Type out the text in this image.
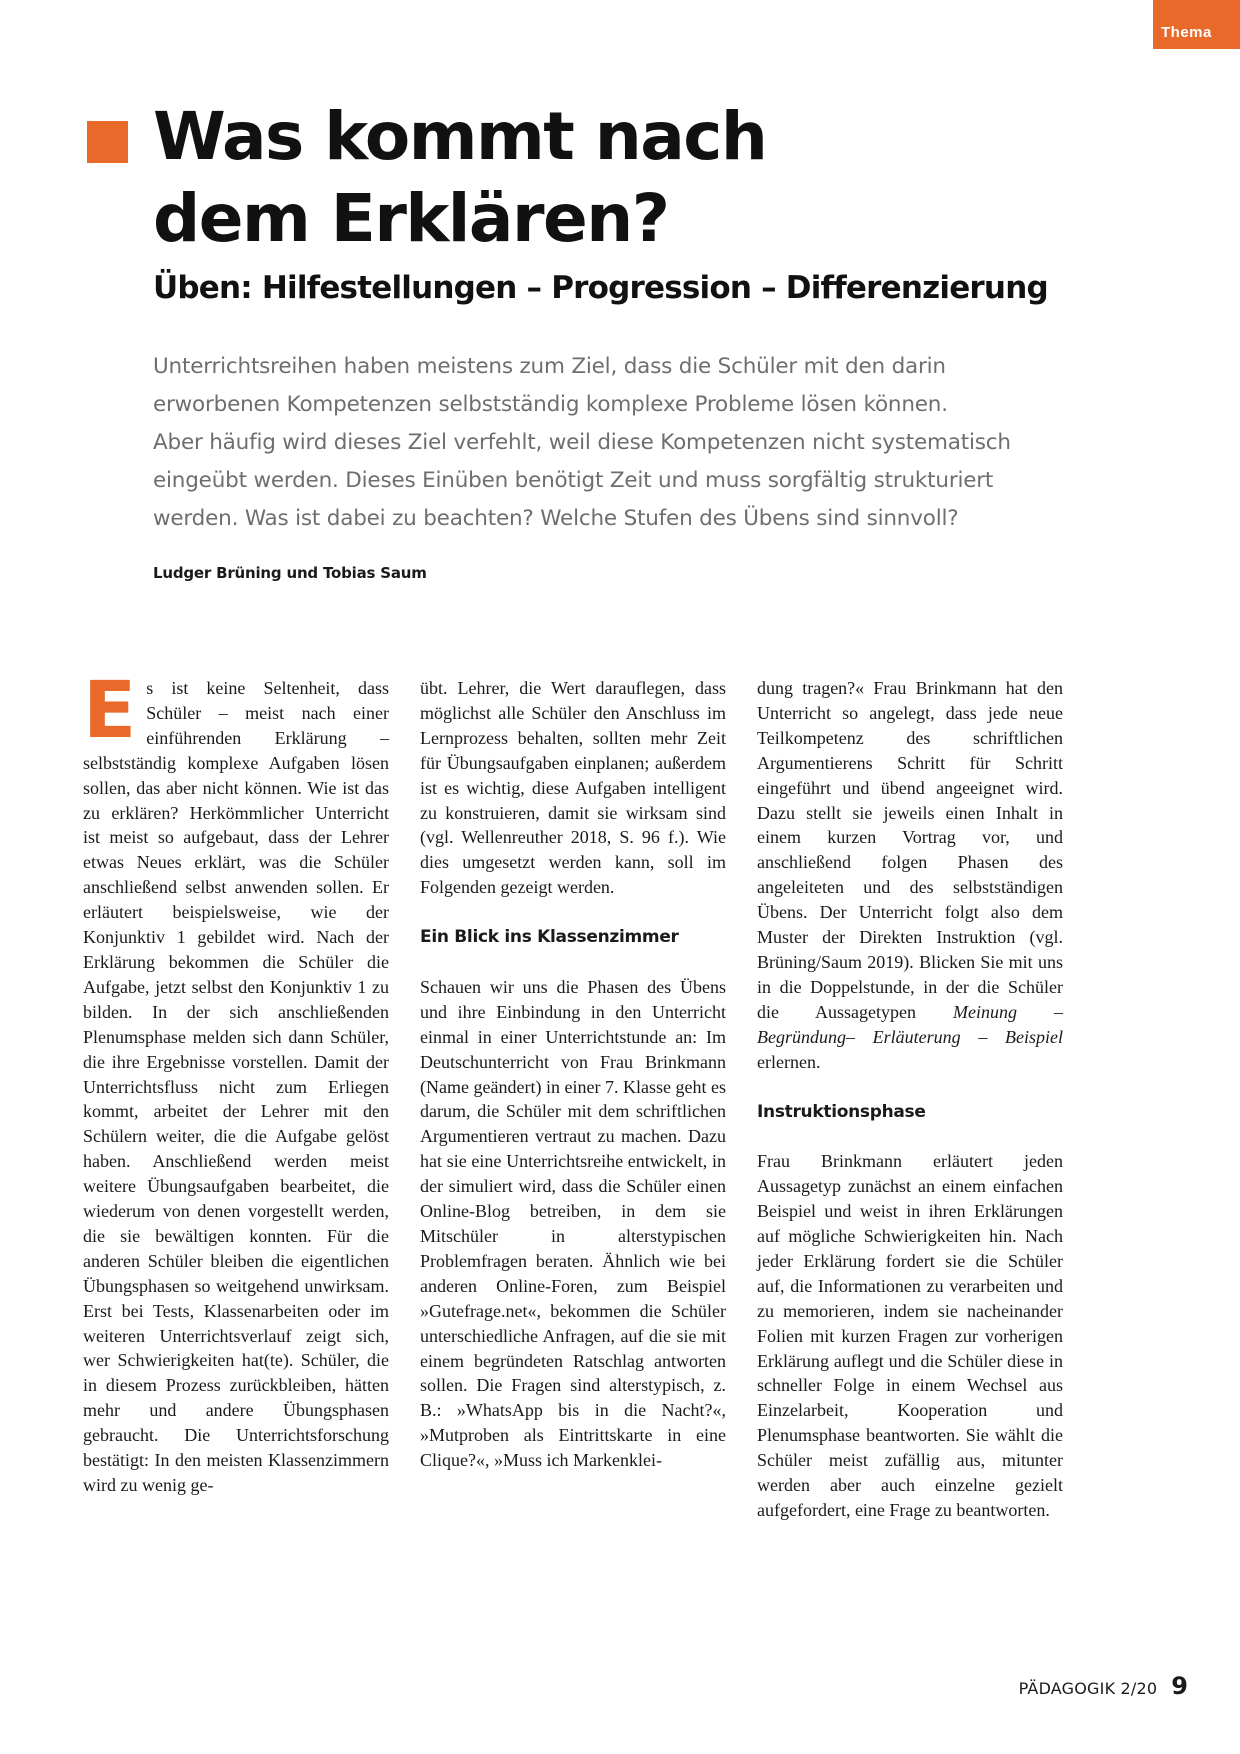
Thema
Was kommt nach
dem Erklären?
Üben: Hilfestellungen – Progression – Differenzierung

Unterrichtsreihen haben meistens zum Ziel, dass die Schüler mit den darin
erworbenen Kompetenzen selbstständig komplexe Probleme lösen können.
Aber häufig wird dieses Ziel verfehlt, weil diese Kompetenzen nicht systematisch
eingeübt werden. Dieses Einüben benötigt Zeit und muss sorgfältig strukturiert
werden. Was ist dabei zu beachten? Welche Stufen des Übens sind sinnvoll?

Ludger Brüning und Tobias Saum

Es ist keine Seltenheit, dass Schüler – meist nach einer einführenden Erklärung – selbstständig komplexe Aufgaben lösen sollen, das aber nicht können. Wie ist das zu erklären? Herkömmlicher Unterricht ist meist so aufgebaut, dass der Lehrer etwas Neues erklärt, was die Schüler anschließend selbst anwenden sollen. Er erläutert beispielsweise, wie der Konjunktiv 1 gebildet wird. Nach der Erklärung bekommen die Schüler die Aufgabe, jetzt selbst den Konjunktiv 1 zu bilden. In der sich anschließenden Plenumsphase melden sich dann Schüler, die ihre Ergebnisse vorstellen. Damit der Unterrichtsfluss nicht zum Erliegen kommt, arbeitet der Lehrer mit den Schülern weiter, die die Aufgabe gelöst haben. Anschließend werden meist weitere Übungsaufgaben bearbeitet, die wiederum von denen vorgestellt werden, die sie bewältigen konnten. Für die anderen Schüler bleiben die eigentlichen Übungsphasen so weitgehend unwirksam. Erst bei Tests, Klassenarbeiten oder im weiteren Unterrichtsverlauf zeigt sich, wer Schwierigkeiten hat(te). Schüler, die in diesem Prozess zurückbleiben, hätten mehr und andere Übungsphasen gebraucht. Die Unterrichtsforschung bestätigt: In den meisten Klassenzimmern wird zu wenig ge-

übt. Lehrer, die Wert darauflegen, dass möglichst alle Schüler den Anschluss im Lernprozess behalten, sollten mehr Zeit für Übungsaufgaben einplanen; außerdem ist es wichtig, diese Aufgaben intelligent zu konstruieren, damit sie wirksam sind (vgl. Wellenreuther 2018, S. 96 f.). Wie dies umgesetzt werden kann, soll im Folgenden gezeigt werden.

Ein Blick ins Klassenzimmer

Schauen wir uns die Phasen des Übens und ihre Einbindung in den Unterricht einmal in einer Unterrichtstunde an: Im Deutschunterricht von Frau Brinkmann (Name geändert) in einer 7. Klasse geht es darum, die Schüler mit dem schriftlichen Argumentieren vertraut zu machen. Dazu hat sie eine Unterrichtsreihe entwickelt, in der simuliert wird, dass die Schüler einen Online-Blog betreiben, in dem sie Mitschüler in alterstypischen Problemfragen beraten. Ähnlich wie bei anderen Online-Foren, zum Beispiel »Gutefrage.net«, bekommen die Schüler unterschiedliche Anfragen, auf die sie mit einem begründeten Ratschlag antworten sollen. Die Fragen sind alterstypisch, z. B.: »WhatsApp bis in die Nacht?«, »Mutproben als Eintrittskarte in eine Clique?«, »Muss ich Markenklei-

dung tragen?« Frau Brinkmann hat den Unterricht so angelegt, dass jede neue Teilkompetenz des schriftlichen Argumentierens Schritt für Schritt eingeführt und übend angeeignet wird. Dazu stellt sie jeweils einen Inhalt in einem kurzen Vortrag vor, und anschließend folgen Phasen des angeleiteten und des selbstständigen Übens. Der Unterricht folgt also dem Muster der Direkten Instruktion (vgl. Brüning/Saum 2019). Blicken Sie mit uns in die Doppelstunde, in der die Schüler die Aussagetypen Meinung – Begründung– Erläuterung – Beispiel erlernen.

Instruktionsphase

Frau Brinkmann erläutert jeden Aussagetyp zunächst an einem einfachen Beispiel und weist in ihren Erklärungen auf mögliche Schwierigkeiten hin. Nach jeder Erklärung fordert sie die Schüler auf, die Informationen zu verarbeiten und zu memorieren, indem sie nacheinander Folien mit kurzen Fragen zur vorherigen Erklärung auflegt und die Schüler diese in schneller Folge in einem Wechsel aus Einzelarbeit, Kooperation und Plenumsphase beantworten. Sie wählt die Schüler meist zufällig aus, mitunter werden aber auch einzelne gezielt aufgefordert, eine Frage zu beantworten.

PÄDAGOGIK 2/20 9
